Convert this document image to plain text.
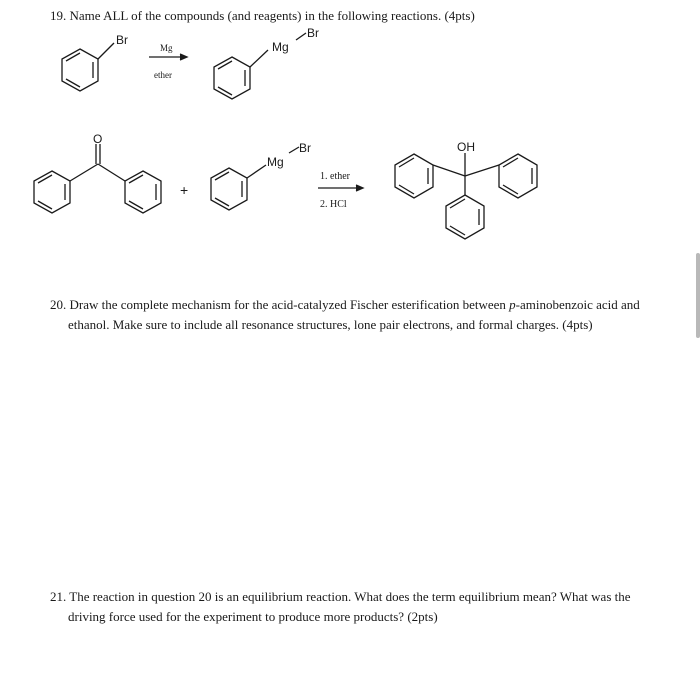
19. Name ALL of the compounds (and reagents) in the following reactions. (4pts)
Br
Mg
ether
Mg
Br
O
+
Mg
Br
1. ether
2. HCl
OH
20. Draw the complete mechanism for the acid-catalyzed Fischer esterification between p-aminobenzoic acid and
ethanol. Make sure to include all resonance structures, lone pair electrons, and formal charges. (4pts)
21. The reaction in question 20 is an equilibrium reaction. What does the term equilibrium mean? What was the
driving force used for the experiment to produce more products? (2pts)
